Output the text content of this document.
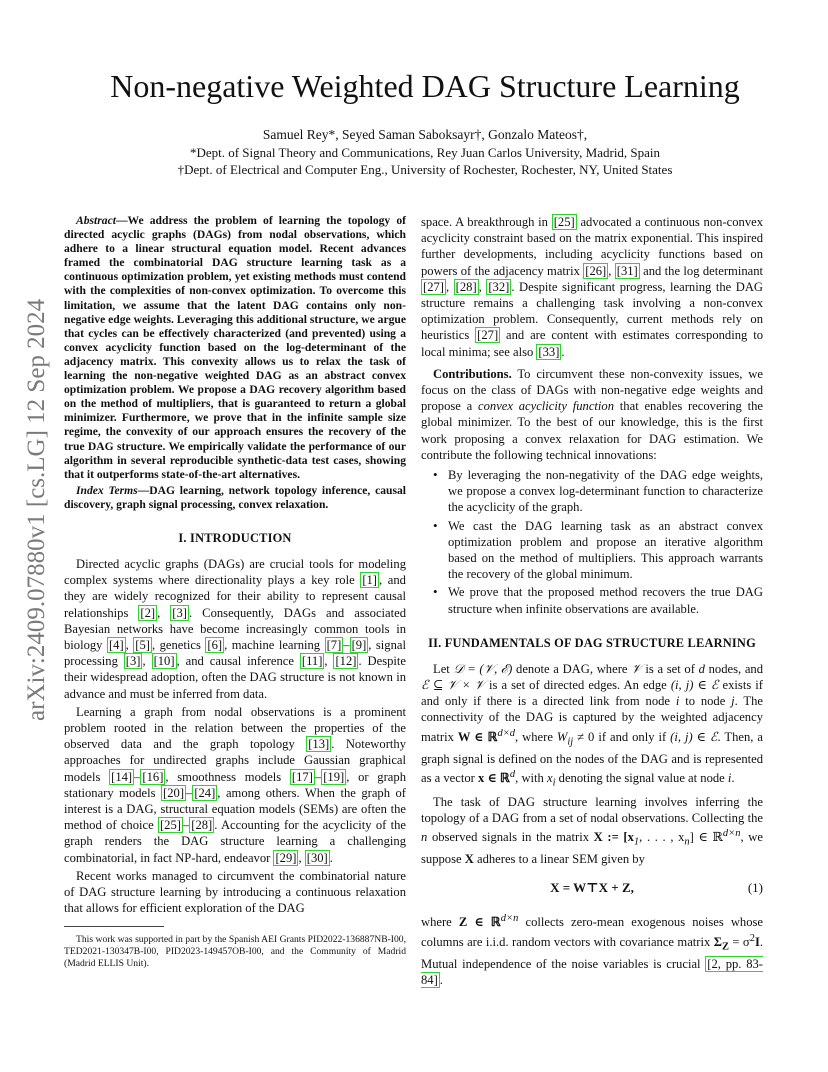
arXiv:2409.07880v1 [cs.LG] 12 Sep 2024
Non-negative Weighted DAG Structure Learning
Samuel Rey*, Seyed Saman Saboksayr†, Gonzalo Mateos†,
*Dept. of Signal Theory and Communications, Rey Juan Carlos University, Madrid, Spain
†Dept. of Electrical and Computer Eng., University of Rochester, Rochester, NY, United States

Abstract—We address the problem of learning the topology of directed acyclic graphs (DAGs) from nodal observations, which adhere to a linear structural equation model. Recent advances framed the combinatorial DAG structure learning task as a continuous optimization problem, yet existing methods must contend with the complexities of non-convex optimization. To overcome this limitation, we assume that the latent DAG contains only non-negative edge weights. Leveraging this additional structure, we argue that cycles can be effectively characterized (and prevented) using a convex acyclicity function based on the log-determinant of the adjacency matrix. This convexity allows us to relax the task of learning the non-negative weighted DAG as an abstract convex optimization problem. We propose a DAG recovery algorithm based on the method of multipliers, that is guaranteed to return a global minimizer. Furthermore, we prove that in the infinite sample size regime, the convexity of our approach ensures the recovery of the true DAG structure. We empirically validate the performance of our algorithm in several reproducible synthetic-data test cases, showing that it outperforms state-of-the-art alternatives.

Index Terms—DAG learning, network topology inference, causal discovery, graph signal processing, convex relaxation.

I. INTRODUCTION

Directed acyclic graphs (DAGs) are crucial tools for modeling complex systems where directionality plays a key role [1] , and they are widely recognized for their ability to represent causal relationships [2] , [3] . Consequently, DAGs and associated Bayesian networks have become increasingly common tools in biology [4] , [5] , genetics [6] , machine learning [7] – [9] , signal processing [3] , [10] , and causal inference [11] , [12] . Despite their widespread adoption, often the DAG structure is not known in advance and must be inferred from data.

Learning a graph from nodal observations is a prominent problem rooted in the relation between the properties of the observed data and the graph topology [13] . Noteworthy approaches for undirected graphs include Gaussian graphical models [14] – [16] , smoothness models [17] – [19] , or graph stationary models [20] – [24] , among others. When the graph of interest is a DAG, structural equation models (SEMs) are often the method of choice [25] – [28] . Accounting for the acyclicity of the graph renders the DAG structure learning a challenging combinatorial, in fact NP-hard, endeavor [29] , [30] .

Recent works managed to circumvent the combinatorial nature of DAG structure learning by introducing a continuous relaxation that allows for efficient exploration of the DAG

This work was supported in part by the Spanish AEI Grants PID2022-136887NB-I00, TED2021-130347B-I00, PID2023-149457OB-I00, and the Community of Madrid (Madrid ELLIS Unit).

space. A breakthrough in [25] advocated a continuous non-convex acyclicity constraint based on the matrix exponential. This inspired further developments, including acyclicity functions based on powers of the adjacency matrix [26] , [31] and the log determinant [27] , [28] , [32] . Despite significant progress, learning the DAG structure remains a challenging task involving a non-convex optimization problem. Consequently, current methods rely on heuristics [27] and are content with estimates corresponding to local minima; see also [33] .

Contributions. To circumvent these non-convexity issues, we focus on the class of DAGs with non-negative edge weights and propose a convex acyclicity function that enables recovering the global minimizer. To the best of our knowledge, this is the first work proposing a convex relaxation for DAG estimation. We contribute the following technical innovations:

• By leveraging the non-negativity of the DAG edge weights, we propose a convex log-determinant function to characterize the acyclicity of the graph.
• We cast the DAG learning task as an abstract convex optimization problem and propose an iterative algorithm based on the method of multipliers. This approach warrants the recovery of the global minimum.
• We prove that the proposed method recovers the true DAG structure when infinite observations are available.
II. FUNDAMENTALS OF DAG STRUCTURE LEARNING

Let 𝒟 = (𝒱, ℰ) denote a DAG, where 𝒱 is a set of d nodes, and ℰ ⊆ 𝒱 × 𝒱 is a set of directed edges. An edge (i, j) ∈ ℰ exists if and only if there is a directed link from node i to node j. The connectivity of the DAG is captured by the weighted adjacency matrix W ∈ ℝ$^{d\times d}$, where $W_{ij} \ne 0$ if and only if (i, j) ∈ ℰ. Then, a graph signal is defined on the nodes of the DAG and is represented as a vector x ∈ ℝ$^d$, with $x_i$ denoting the signal value at node i.

The task of DAG structure learning involves inferring the topology of a DAG from a set of nodal observations. Collecting the n observed signals in the matrix X := [$x_1$, . . . , $x_n$] ∈ ℝ$^{d\times n}$, we suppose X adheres to a linear SEM given by

X = W⊤X + Z,	(1)

where Z ∈ ℝ$^{d\times n}$ collects zero-mean exogenous noises whose columns are i.i.d. random vectors with covariance matrix $\Sigma_Z = \sigma^2I$. Mutual independence of the noise variables is crucial [2, pp. 83-84] .
